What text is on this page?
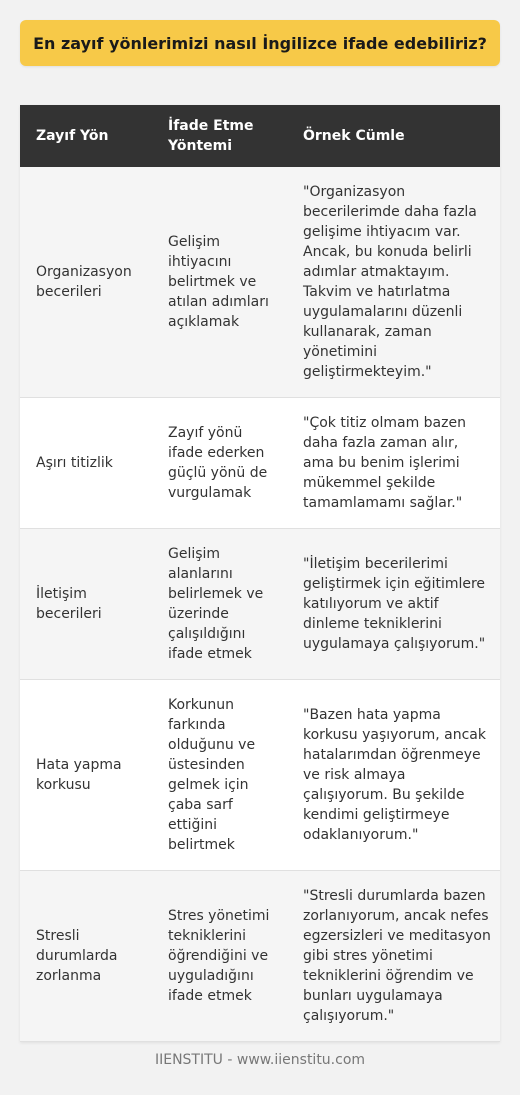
En zayıf yönlerimizi nasıl İngilizce ifade edebiliriz?
Zayıf Yön	İfade Etme Yöntemi	Örnek Cümle
Organizasyon becerileri	Gelişim ihtiyacını belirtmek ve atılan adımları açıklamak	"Organizasyon becerilerimde daha fazla gelişime ihtiyacım var. Ancak, bu konuda belirli adımlar atmaktayım. Takvim ve hatırlatma uygulamalarını düzenli kullanarak, zaman yönetimini geliştirmekteyim."
Aşırı titizlik	Zayıf yönü ifade ederken güçlü yönü de vurgulamak	"Çok titiz olmam bazen daha fazla zaman alır, ama bu benim işlerimi mükemmel şekilde tamamlamamı sağlar."
İletişim becerileri	Gelişim alanlarını belirlemek ve üzerinde çalışıldığını ifade etmek	"İletişim becerilerimi geliştirmek için eğitimlere katılıyorum ve aktif dinleme tekniklerini uygulamaya çalışıyorum."
Hata yapma korkusu	Korkunun farkında olduğunu ve üstesinden gelmek için çaba sarf ettiğini belirtmek	"Bazen hata yapma korkusu yaşıyorum, ancak hatalarımdan öğrenmeye ve risk almaya çalışıyorum. Bu şekilde kendimi geliştirmeye odaklanıyorum."
Stresli durumlarda zorlanma	Stres yönetimi tekniklerini öğrendiğini ve uyguladığını ifade etmek	"Stresli durumlarda bazen zorlanıyorum, ancak nefes egzersizleri ve meditasyon gibi stres yönetimi tekniklerini öğrendim ve bunları uygulamaya çalışıyorum."
IIENSTITU - www.iienstitu.com
